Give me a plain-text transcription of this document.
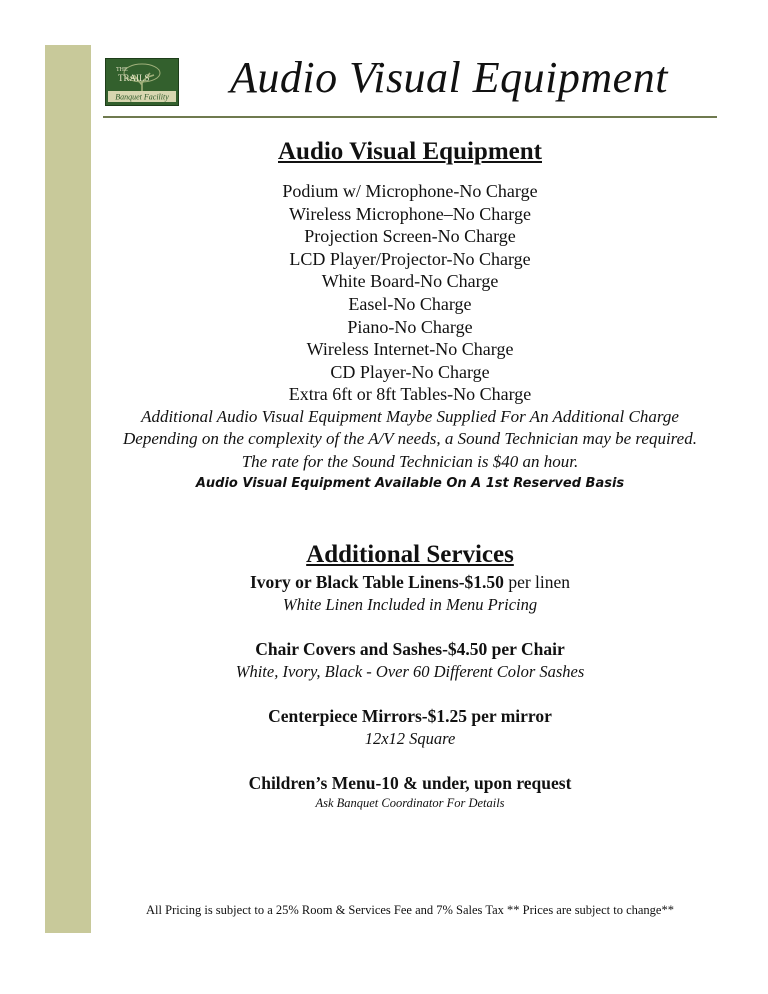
THE
TRAILS
Banquet Facility Audio Visual Equipment
Audio Visual Equipment
Podium w/ Microphone-No Charge
Wireless Microphone–No Charge
Projection Screen-No Charge
LCD Player/Projector-No Charge
White Board-No Charge
Easel-No Charge
Piano-No Charge
Wireless Internet-No Charge
CD Player-No Charge
Extra 6ft or 8ft Tables-No Charge

Additional Audio Visual Equipment Maybe Supplied For An Additional Charge

Depending on the complexity of the A/V needs, a Sound Technician may be required.

The rate for the Sound Technician is $40 an hour.

Audio Visual Equipment Available On A 1st Reserved Basis

Additional Services
Ivory or Black Table Linens-$1.50 per linen
White Linen Included in Menu Pricing
Chair Covers and Sashes-$4.50 per Chair
White, Ivory, Black - Over 60 Different Color Sashes
Centerpiece Mirrors-$1.25 per mirror
12x12 Square
Children’s Menu-10 & under, upon request
Ask Banquet Coordinator For Details
All Pricing is subject to a 25% Room & Services Fee and 7% Sales Tax ** Prices are subject to change**
